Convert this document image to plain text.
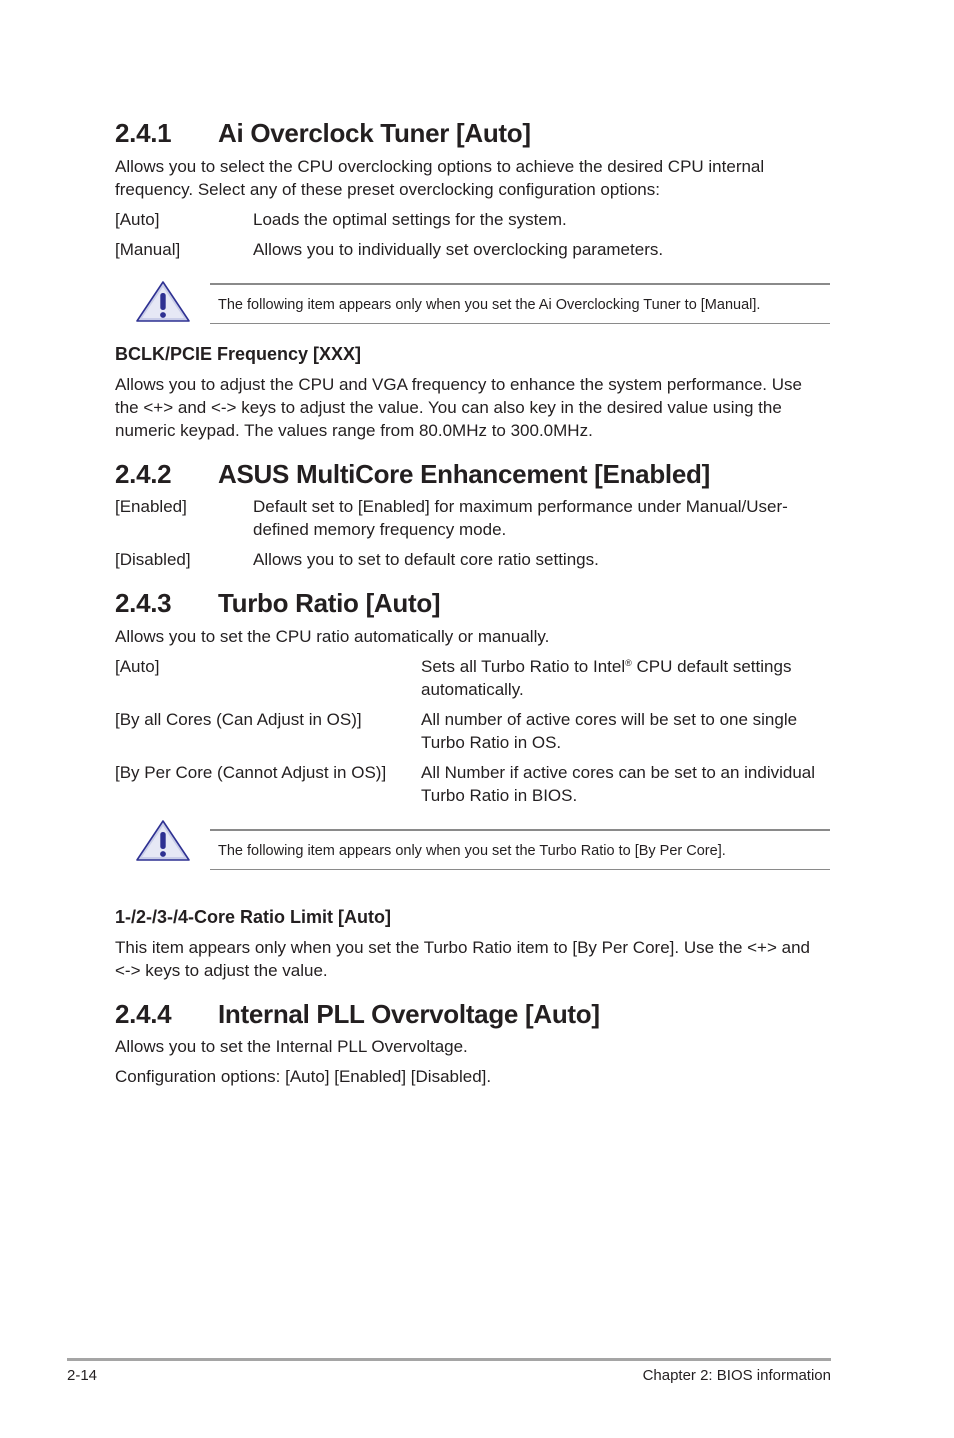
2.4.1 Ai Overclock Tuner [Auto]
Allows you to select the CPU overclocking options to achieve the desired CPU internal frequency. Select any of these preset overclocking configuration options:
[Auto]	Loads the optimal settings for the system.
[Manual]	Allows you to individually set overclocking parameters.
The following item appears only when you set the Ai Overclocking Tuner to [Manual].
BCLK/PCIE Frequency [XXX]
Allows you to adjust the CPU and VGA frequency to enhance the system performance. Use the <+> and <-> keys to adjust the value. You can also key in the desired value using the numeric keypad. The values range from 80.0MHz to 300.0MHz.
2.4.2 ASUS MultiCore Enhancement [Enabled]
[Enabled]	Default set to [Enabled] for maximum performance under Manual/User-defined memory frequency mode.
[Disabled]	Allows you to set to default core ratio settings.
2.4.3 Turbo Ratio [Auto]
Allows you to set the CPU ratio automatically or manually.
[Auto]	Sets all Turbo Ratio to Intel® CPU default settings automatically.
[By all Cores (Can Adjust in OS)]	All number of active cores will be set to one single Turbo Ratio in OS.
[By Per Core (Cannot Adjust in OS)] All Number if active cores can be set to an individual Turbo Ratio in BIOS.
The following item appears only when you set the Turbo Ratio to [By Per Core].
1-/2-/3-/4-Core Ratio Limit [Auto]
This item appears only when you set the Turbo Ratio item to [By Per Core]. Use the <+> and <-> keys to adjust the value.
2.4.4 Internal PLL Overvoltage [Auto]
Allows you to set the Internal PLL Overvoltage.
Configuration options: [Auto] [Enabled] [Disabled].
2-14	Chapter 2: BIOS information
